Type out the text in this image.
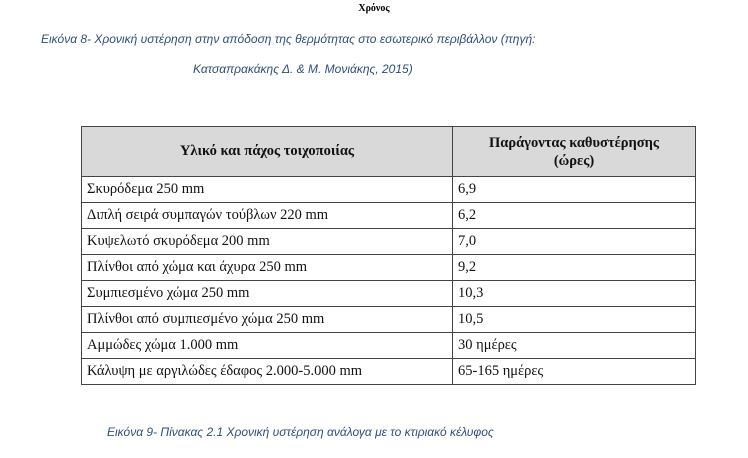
Χρόνος
Εικόνα 8- Χρονική υστέρηση στην απόδοση της θερμότητας στο εσωτερικό περιβάλλον (πηγή:
Κατσαπρακάκης Δ. & Μ. Μονιάκης, 2015)
Υλικό και πάχος τοιχοποιίας	Παράγοντας καθυστέρησης
(ώρες)
Σκυρόδεμα 250 mm	6,9
Διπλή σειρά συμπαγών τούβλων 220 mm	6,2
Κυψελωτό σκυρόδεμα 200 mm	7,0
Πλίνθοι από χώμα και άχυρα 250 mm	9,2
Συμπιεσμένο χώμα 250 mm	10,3
Πλίνθοι από συμπιεσμένο χώμα 250 mm	10,5
Αμμώδες χώμα 1.000 mm	30 ημέρες
Κάλυψη με αργιλώδες έδαφος 2.000-5.000 mm	65-165 ημέρες
Εικόνα 9- Πίνακας 2.1 Χρονική υστέρηση ανάλογα με το κτιριακό κέλυφος
